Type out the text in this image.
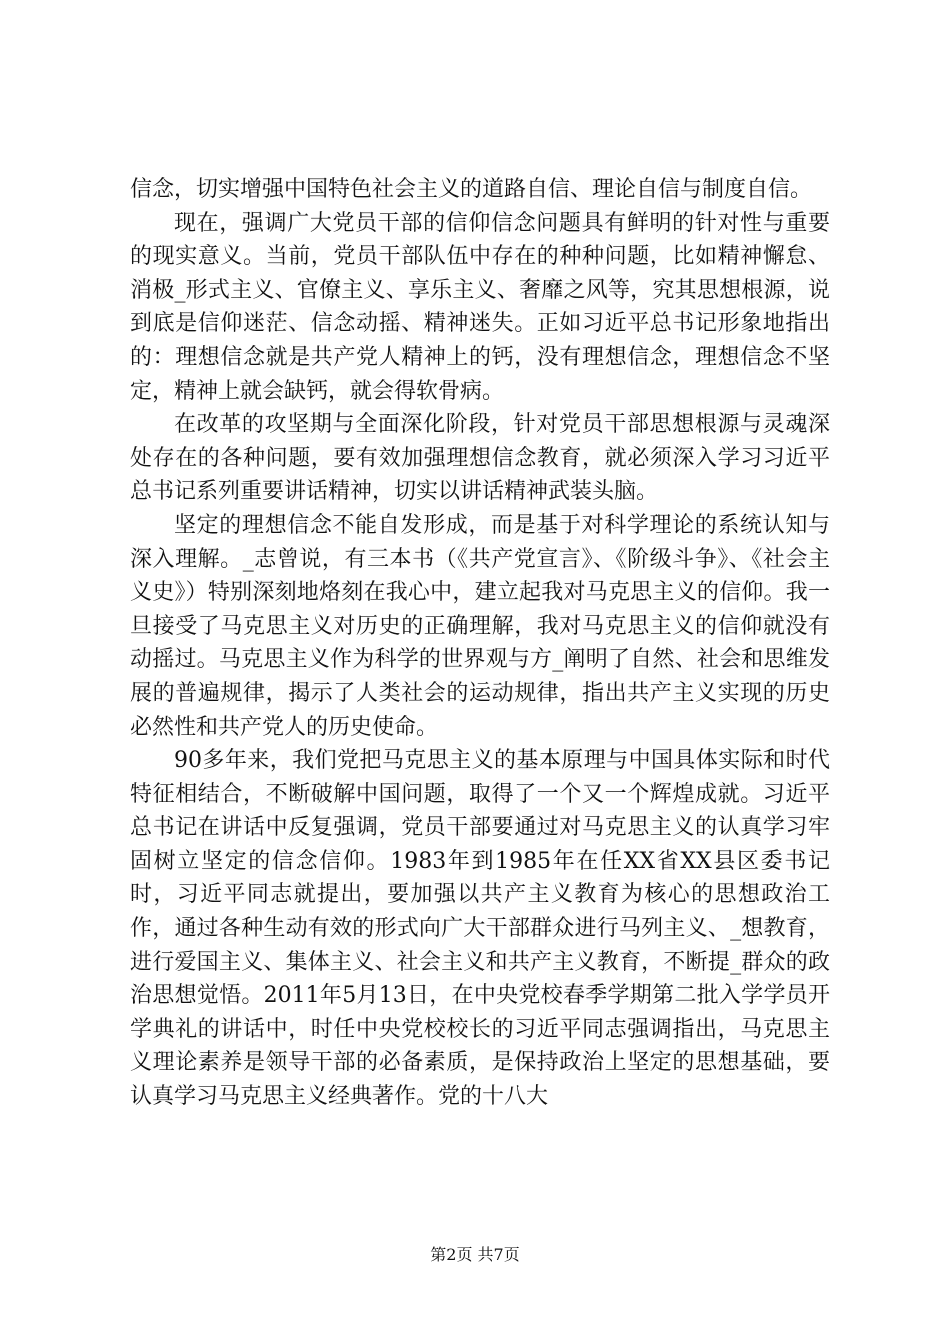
信念，切实增强中国特色社会主义的道路自信、理论自信与制度自信。

现在，强调广大党员干部的信仰信念问题具有鲜明的针对性与重要的现实意义。当前，党员干部队伍中存在的种种问题，比如精神懈怠、消极_形式主义、官僚主义、享乐主义、奢靡之风等，究其思想根源，说到底是信仰迷茫、信念动摇、精神迷失。正如习近平总书记形象地指出的：理想信念就是共产党人精神上的钙，没有理想信念，理想信念不坚定，精神上就会缺钙，就会得软骨病。

在改革的攻坚期与全面深化阶段，针对党员干部思想根源与灵魂深处存在的各种问题，要有效加强理想信念教育，就必须深入学习习近平总书记系列重要讲话精神，切实以讲话精神武装头脑。

坚定的理想信念不能自发形成，而是基于对科学理论的系统认知与深入理解。_志曾说，有三本书（《共产党宣言》、《阶级斗争》、《社会主义史》）特别深刻地烙刻在我心中，建立起我对马克思主义的信仰。我一旦接受了马克思主义对历史的正确理解，我对马克思主义的信仰就没有动摇过。马克思主义作为科学的世界观与方_阐明了自然、社会和思维发展的普遍规律，揭示了人类社会的运动规律，指出共产主义实现的历史必然性和共产党人的历史使命。

90多年来，我们党把马克思主义的基本原理与中国具体实际和时代特征相结合，不断破解中国问题，取得了一个又一个辉煌成就。习近平总书记在讲话中反复强调，党员干部要通过对马克思主义的认真学习牢固树立坚定的信念信仰。1983年到1985年在任XX省XX县区委书记时，习近平同志就提出，要加强以共产主义教育为核心的思想政治工作，通过各种生动有效的形式向广大干部群众进行马列主义、_想教育，进行爱国主义、集体主义、社会主义和共产主义教育，不断提_群众的政治思想觉悟。2011年5月13日，在中央党校春季学期第二批入学学员开学典礼的讲话中，时任中央党校校长的习近平同志强调指出，马克思主义理论素养是领导干部的必备素质，是保持政治上坚定的思想基础，要认真学习马克思主义经典著作。党的十八大

第2页 共7页
